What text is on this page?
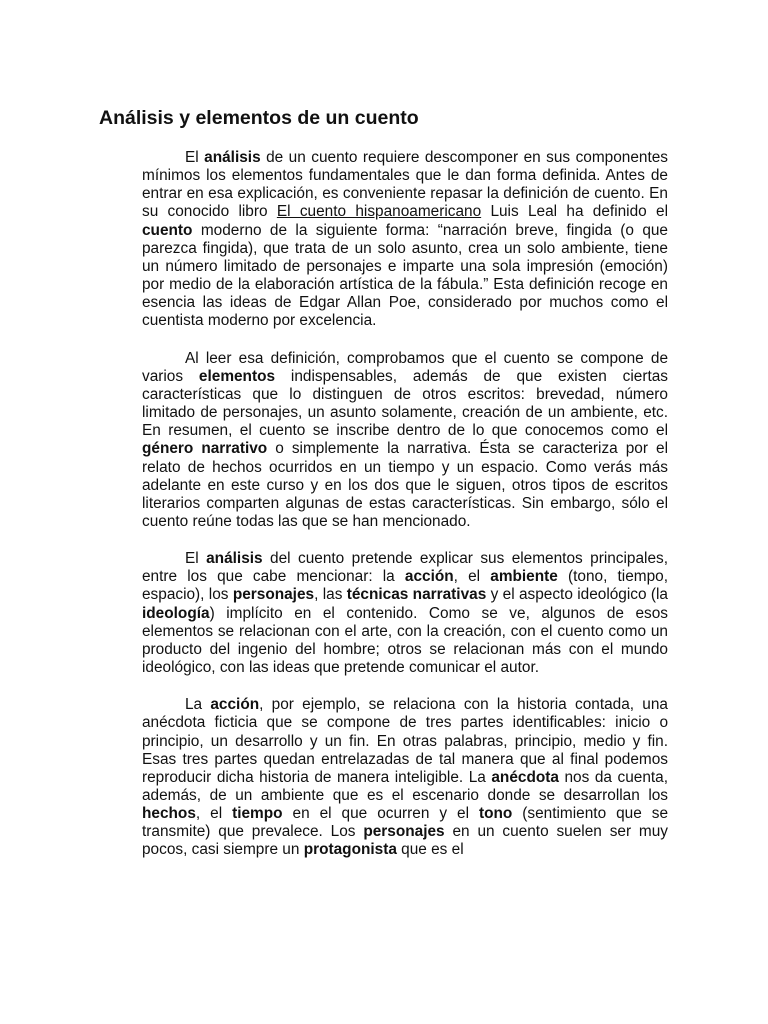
Análisis y elementos de un cuento

El análisis de un cuento requiere descomponer en sus componentes mínimos los elementos fundamentales que le dan forma definida. Antes de entrar en esa explicación, es conveniente repasar la definición de cuento. En su conocido libro El cuento hispanoamericano Luis Leal ha definido el cuento moderno de la siguiente forma: “narración breve, fingida (o que parezca fingida), que trata de un solo asunto, crea un solo ambiente, tiene un número limitado de personajes e imparte una sola impresión (emoción) por medio de la elaboración artística de la fábula.” Esta definición recoge en esencia las ideas de Edgar Allan Poe, considerado por muchos como el cuentista moderno por excelencia.

Al leer esa definición, comprobamos que el cuento se compone de varios elementos indispensables, además de que existen ciertas características que lo distinguen de otros escritos: brevedad, número limitado de personajes, un asunto solamente, creación de un ambiente, etc. En resumen, el cuento se inscribe dentro de lo que conocemos como el género narrativo o simplemente la narrativa. Ésta se caracteriza por el relato de hechos ocurridos en un tiempo y un espacio. Como verás más adelante en este curso y en los dos que le siguen, otros tipos de escritos literarios comparten algunas de estas características. Sin embargo, sólo el cuento reúne todas las que se han mencionado.

El análisis del cuento pretende explicar sus elementos principales, entre los que cabe mencionar: la acción, el ambiente (tono, tiempo, espacio), los personajes, las técnicas narrativas y el aspecto ideológico (la ideología) implícito en el contenido. Como se ve, algunos de esos elementos se relacionan con el arte, con la creación, con el cuento como un producto del ingenio del hombre; otros se relacionan más con el mundo ideológico, con las ideas que pretende comunicar el autor.

La acción, por ejemplo, se relaciona con la historia contada, una anécdota ficticia que se compone de tres partes identificables: inicio o principio, un desarrollo y un fin. En otras palabras, principio, medio y fin. Esas tres partes quedan entrelazadas de tal manera que al final podemos reproducir dicha historia de manera inteligible. La anécdota nos da cuenta, además, de un ambiente que es el escenario donde se desarrollan los hechos, el tiempo en el que ocurren y el tono (sentimiento que se transmite) que prevalece. Los personajes en un cuento suelen ser muy pocos, casi siempre un protagonista que es el
